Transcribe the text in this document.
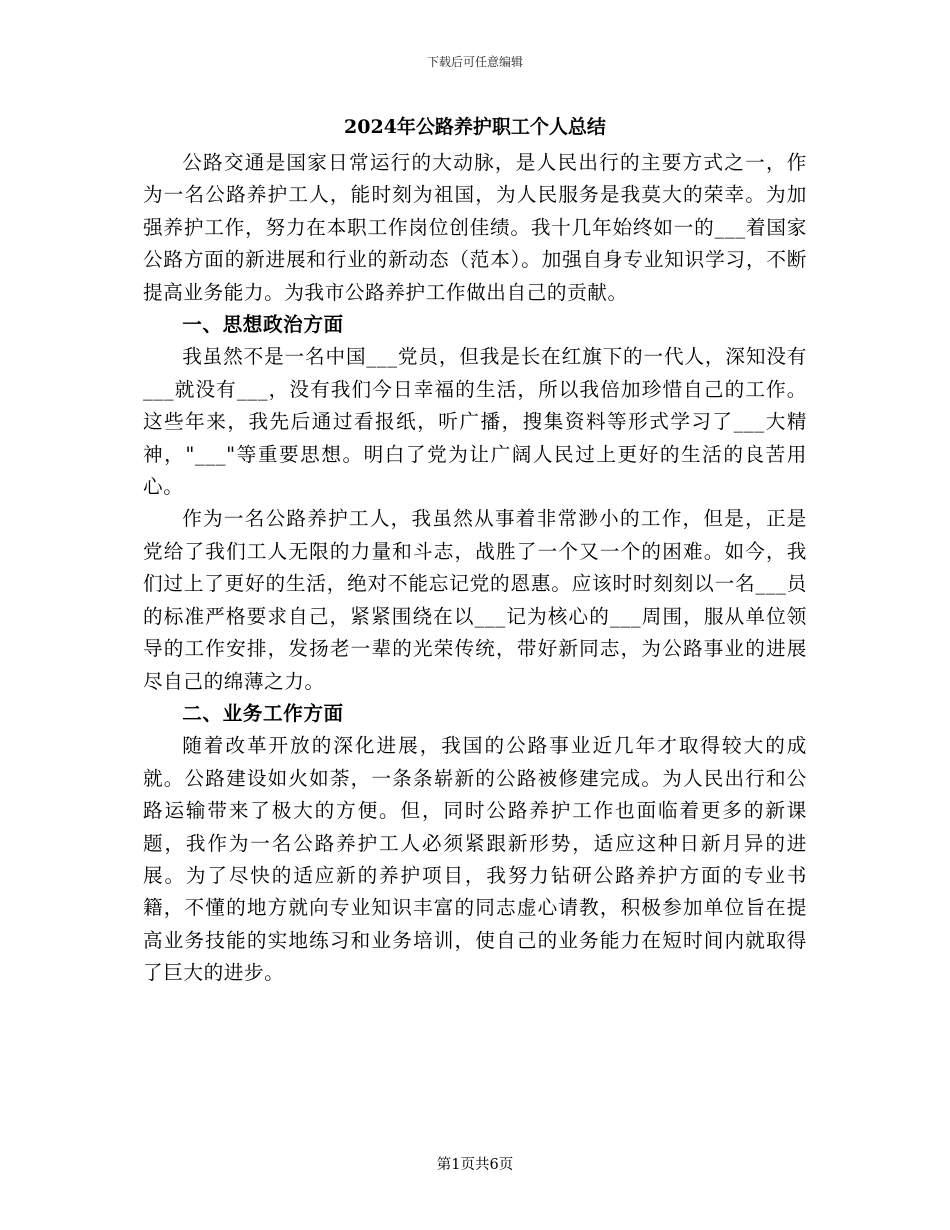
下载后可任意编辑
2024年公路养护职工个人总结

公路交通是国家日常运行的大动脉，是人民出行的主要方式之一，作为一名公路养护工人，能时刻为祖国，为人民服务是我莫大的荣幸。为加强养护工作，努力在本职工作岗位创佳绩。我十几年始终如一的___着国家公路方面的新进展和行业的新动态（范本）。加强自身专业知识学习，不断提高业务能力。为我市公路养护工作做出自己的贡献。

一、思想政治方面

我虽然不是一名中国___党员，但我是长在红旗下的一代人，深知没有___就没有___，没有我们今日幸福的生活，所以我倍加珍惜自己的工作。这些年来，我先后通过看报纸，听广播，搜集资料等形式学习了___大精神，"___"等重要思想。明白了党为让广阔人民过上更好的生活的良苦用心。

作为一名公路养护工人，我虽然从事着非常渺小的工作，但是，正是党给了我们工人无限的力量和斗志，战胜了一个又一个的困难。如今，我们过上了更好的生活，绝对不能忘记党的恩惠。应该时时刻刻以一名___员的标准严格要求自己，紧紧围绕在以___记为核心的___周围，服从单位领导的工作安排，发扬老一辈的光荣传统，带好新同志，为公路事业的进展尽自己的绵薄之力。

二、业务工作方面

随着改革开放的深化进展，我国的公路事业近几年才取得较大的成就。公路建设如火如荼，一条条崭新的公路被修建完成。为人民出行和公路运输带来了极大的方便。但，同时公路养护工作也面临着更多的新课题，我作为一名公路养护工人必须紧跟新形势，适应这种日新月异的进展。为了尽快的适应新的养护项目，我努力钻研公路养护方面的专业书籍，不懂的地方就向专业知识丰富的同志虚心请教，积极参加单位旨在提高业务技能的实地练习和业务培训，使自己的业务能力在短时间内就取得了巨大的进步。

第1页共6页
